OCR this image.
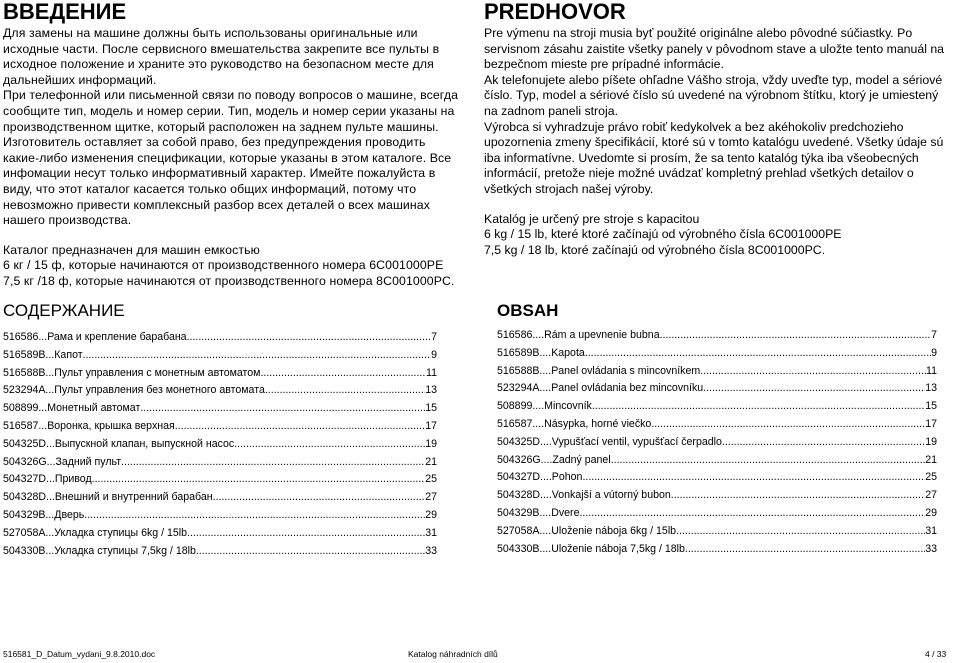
ВВЕДЕНИЕ

Для замены на машине должны быть использованы оригинальные или исходные части. После сервисного вмешательства закрепите все пульты в исходное положение и храните это руководство на безопасном месте для дальнейших информаций.

При телефонной или письменной связи по поводу вопросов о машине, всегда сообщите тип, модель и номер серии. Тип, модель и номер серии указаны на производственном щитке, который расположен на заднем пульте машины.

Изготовитель оставляет за собой право, без предупреждения проводить какие-либо изменения спецификации, которые указаны в этом каталоге. Все инфомации несут только информативный характер. Имейте пожалуйста в виду, что этот каталог касается только общих информаций, потому что невозможно привести комплексный разбор всех деталей о всех машинах нашего производства.

Каталог предназначен для машин емкостью

6 кг / 15 ф, которые начинаются от производственного номера 6C001000PE

7,5 кг /18 ф, которые начинаются от производственного номера 8C001000PC.

СОДЕРЖАНИЕ
516586 ... Рама и крепление барабана .....	7
516589B ... Капот .....	9
516588B ... Пульт управления с монетным автоматом .....	11
523294A ... Пульт управления без монетного автомата .....	13
508899 ... Монетный автомат .....	15
516587 ... Воронка, крышка верхная .....	17
504325D ... Выпускной клапан, выпускной насос .....	19
504326G ... Задний пульт .....	21
504327D ... Привод .....	25
504328D ... Внешний и внутренний барабан .....	27
504329B ... Дверь .....	29
527058A ... Укладка ступицы 6kg / 15lb .....	31
504330B ... Укладка ступицы 7,5kg / 18lb .....	33
PREDHOVOR

Pre výmenu na stroji musia byť použité originálne alebo pôvodné súčiastky. Po servisnom zásahu zaistite všetky panely v pôvodnom stave a uložte tento manuál na bezpečnom mieste pre prípadné informácie.

Ak telefonujete alebo píšete ohľadne Vášho stroja, vždy uveďte typ, model a sériové číslo. Typ, model a sériové číslo sú uvedené na výrobnom štítku, ktorý je umiestený na zadnom paneli stroja.

Výrobca si vyhradzuje právo robiť kedykolvek a bez akéhokoliv predchozieho upozornenia zmeny špecifikácií, ktoré sú v tomto katalógu uvedené. Všetky údaje sú iba informatívne. Uvedomte si prosím, že sa tento katalóg týka iba všeobecných informácií, pretože nieje možné uvádzať kompletný prehlad všetkých detailov o všetkých strojach našej výroby.

Katalóg je určený pre stroje s kapacitou

6 kg / 15 lb, které ktoré začínajú od výrobného čísla 6C001000PE

7,5 kg / 18 lb, ktoré začínajú od výrobného čísla 8C001000PC.

OBSAH
516586 .... Rám a upevnenie bubna .....	7
516589B .... Kapota .....	9
516588B .... Panel ovládania s mincovníkem .....	11
523294A .... Panel ovládania bez mincovníku .....	13
508899 .... Mincovník .....	15
516587 .... Násypka, horné viečko .....	17
504325D .... Vypušťací ventil, vypušťací čerpadlo .....	19
504326G .... Zadný panel .....	21
504327D .... Pohon .....	25
504328D .... Vonkajší a vútorný bubon .....	27
504329B .... Dvere .....	29
527058A .... Uloženie náboja 6kg / 15lb .....	31
504330B .... Uloženie náboja 7,5kg / 18lb .....	33
516581_D_Datum_vydani_9.8.2010.doc	Katalog náhradních dílů	4 / 33
